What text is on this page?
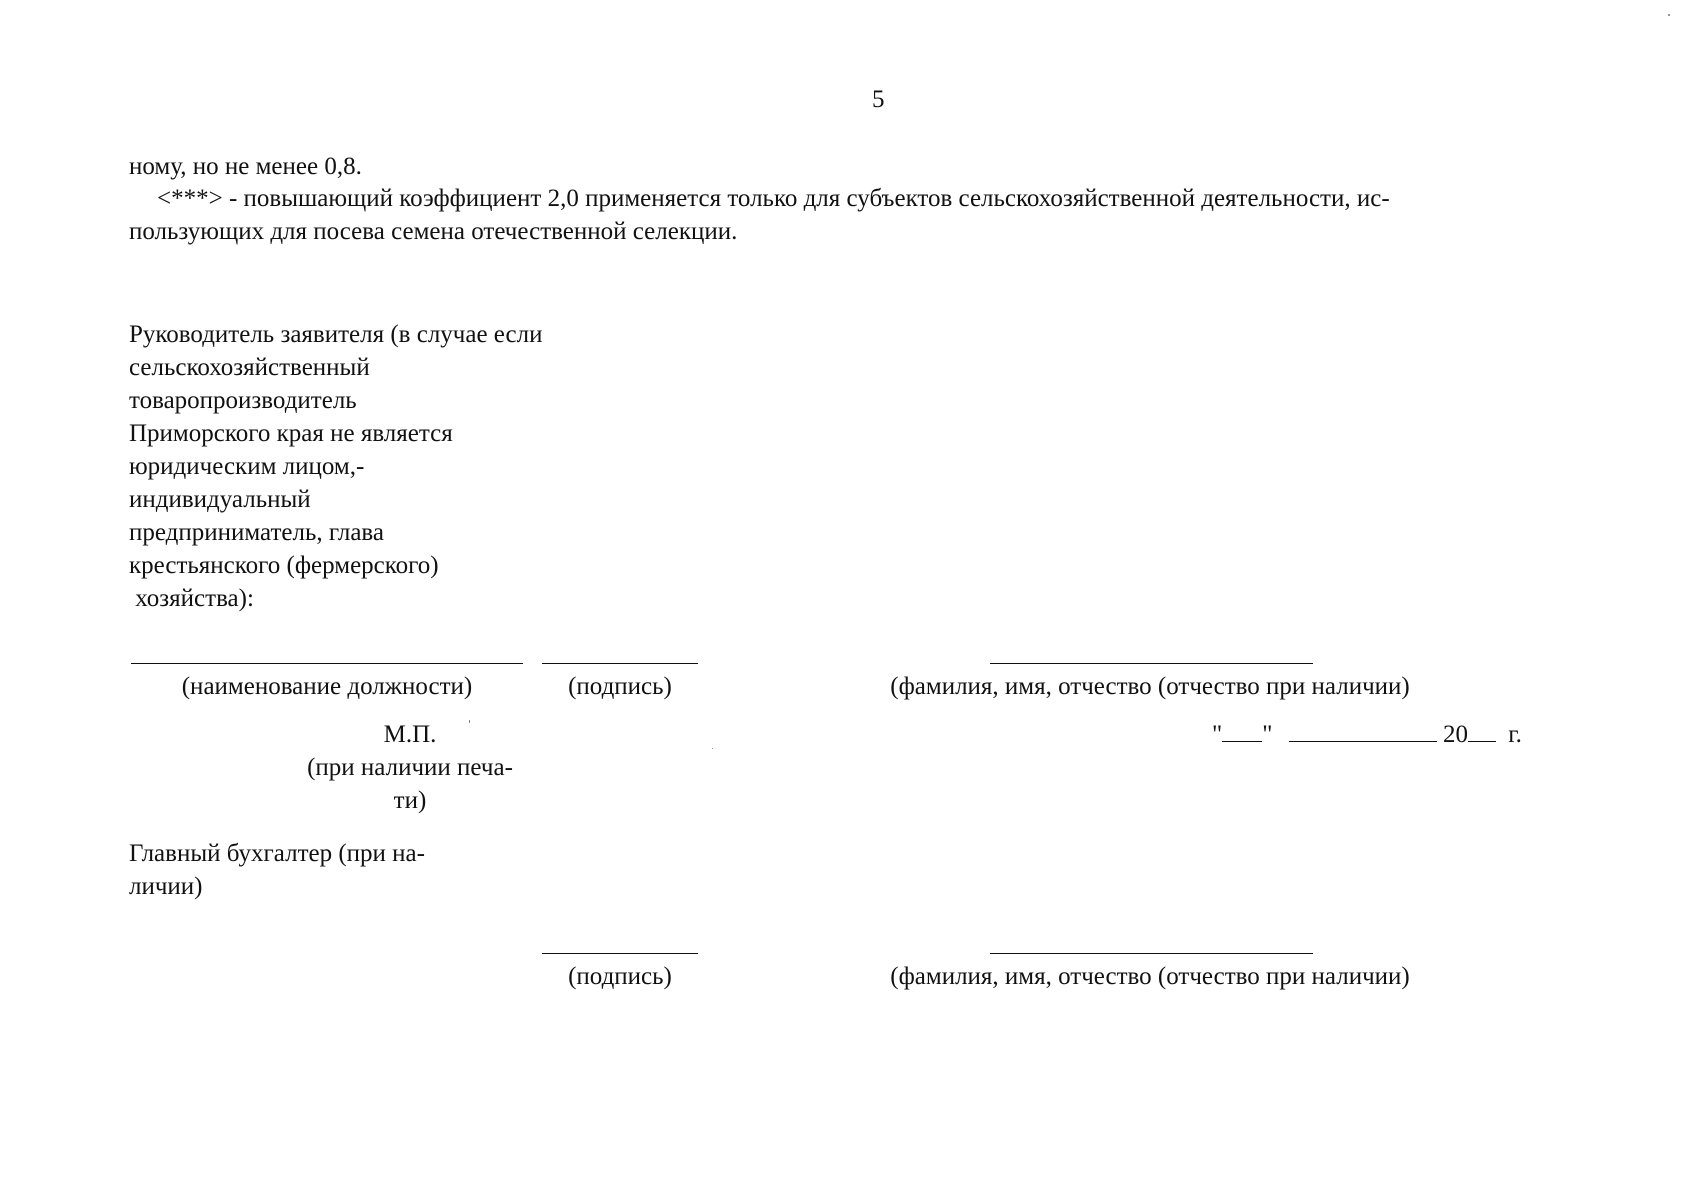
5
ному, но не менее 0,8.
<***> - повышающий коэффициент 2,0 применяется только для субъектов сельскохозяйственной деятельности, ис-
пользующих для посева семена отечественной селекции.
Руководитель заявителя (в случае если
сельскохозяйственный
товаропроизводитель
Приморского края не является
юридическим лицом,-
индивидуальный
предприниматель, глава
крестьянского (фермерского)
хозяйства):
(наименование должности)	(подпись)	(фамилия, имя, отчество (отчество при наличии)
М.П.
(при наличии печа-
ти)
" "	20 г.
Главный бухгалтер (при на-
личии)
(подпись)	(фамилия, имя, отчество (отчество при наличии)
